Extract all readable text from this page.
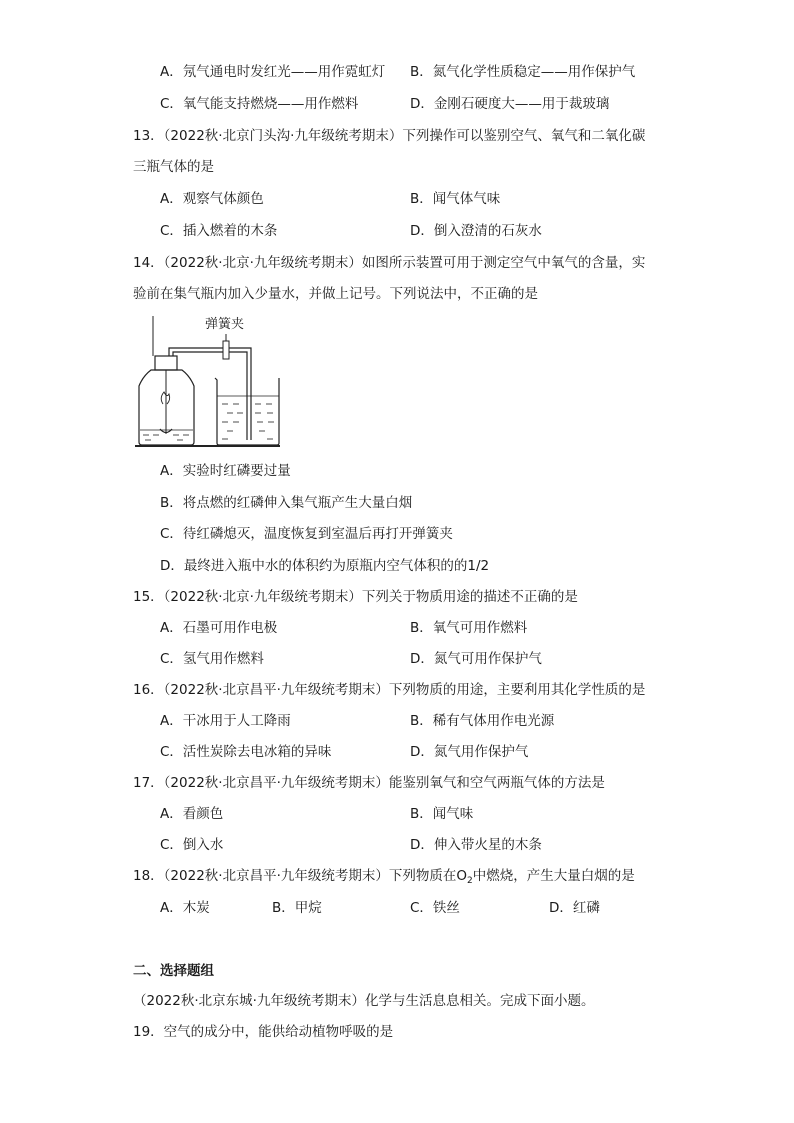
A．氖气通电时发红光——用作霓虹灯 B．氮气化学性质稳定——用作保护气
C．氧气能支持燃烧——用作燃料	D．金刚石硬度大——用于裁玻璃
13．（2022秋·北京门头沟·九年级统考期末）下列操作可以鉴别空气、氧气和二氧化碳
三瓶气体的是
A．观察气体颜色	B．闻气体气味
C．插入燃着的木条	D．倒入澄清的石灰水
14．（2022秋·北京·九年级统考期末）如图所示装置可用于测定空气中氧气的含量，实
验前在集气瓶内加入少量水，并做上记号。下列说法中，不正确的是
弹簧夹
A．实验时红磷要过量
B．将点燃的红磷伸入集气瓶产生大量白烟
C．待红磷熄灭，温度恢复到室温后再打开弹簧夹
D．最终进入瓶中水的体积约为原瓶内空气体积的的1/2
15．（2022秋·北京·九年级统考期末）下列关于物质用途的描述不正确的是
A．石墨可用作电极	B．氧气可用作燃料
C．氢气用作燃料	D．氮气可用作保护气
16．（2022秋·北京昌平·九年级统考期末）下列物质的用途，主要利用其化学性质的是
A．干冰用于人工降雨	B．稀有气体用作电光源
C．活性炭除去电冰箱的异味	D．氮气用作保护气
17．（2022秋·北京昌平·九年级统考期末）能鉴别氧气和空气两瓶气体的方法是
A．看颜色	B．闻气味
C．倒入水	D．伸入带火星的木条
18．（2022秋·北京昌平·九年级统考期末）下列物质在$O_2$中燃烧，产生大量白烟的是
A．木炭	B．甲烷	C．铁丝	D．红磷
二、选择题组
（2022秋·北京东城·九年级统考期末）化学与生活息息相关。完成下面小题。
19．空气的成分中，能供给动植物呼吸的是
